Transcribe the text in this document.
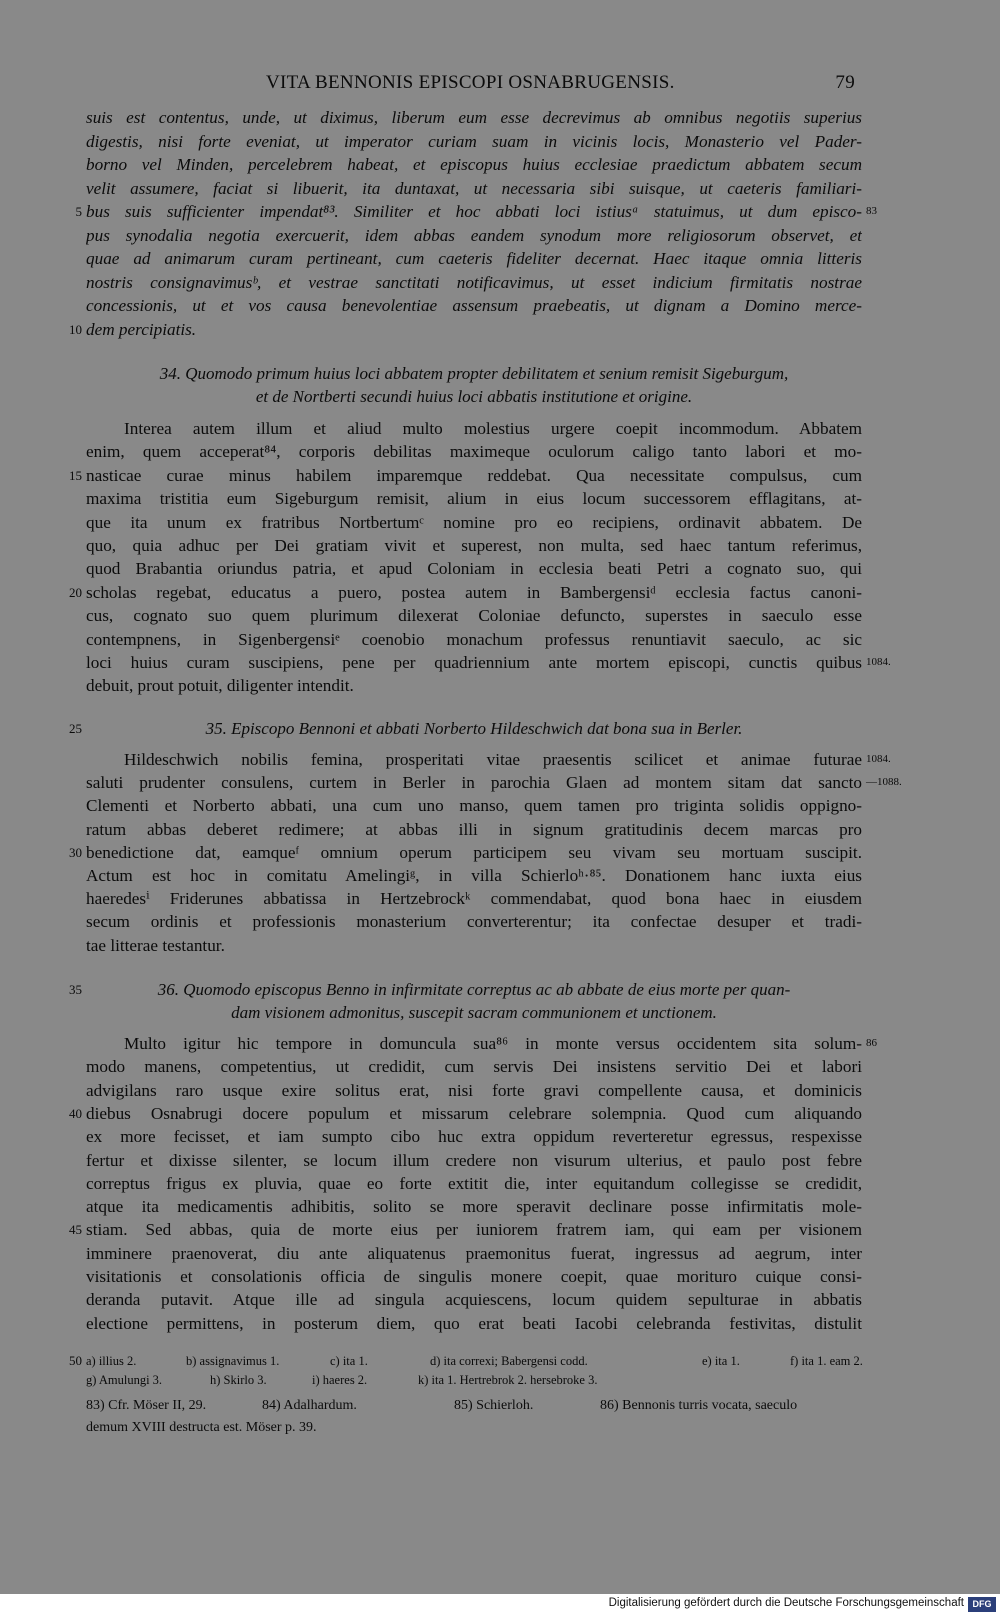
VITA BENNONIS EPISCOPI OSNABRUGENSIS.	79
suis est contentus, unde, ut diximus, liberum eum esse decrevimus ab omnibus negotiis superius
digestis, nisi forte eveniat, ut imperator curiam suam in vicinis locis, Monasterio vel Pader-
borno vel Minden, percelebrem habeat, et episcopus huius ecclesiae praedictum abbatem secum
velit assumere, faciat si libuerit, ita duntaxat, ut necessaria sibi suisque, ut caeteris familiari-
bus suis sufficienter impendat⁸³. Similiter et hoc abbati loci istiusᵃ statuimus, ut dum episco-
5	83
pus synodalia negotia exercuerit, idem abbas eandem synodum more religiosorum observet, et
quae ad animarum curam pertineant, cum caeteris fideliter decernat. Haec itaque omnia litteris
nostris consignavimusᵇ, et vestrae sanctitati notificavimus, ut esset indicium firmitatis nostrae
concessionis, ut et vos causa benevolentiae assensum praebeatis, ut dignam a Domino merce-
dem percipiatis.
10
34. Quomodo primum huius loci abbatem propter debilitatem et senium remisit Sigeburgum,
et de Nortberti secundi huius loci abbatis institutione et origine.
Interea autem illum et aliud multo molestius urgere coepit incommodum. Abbatem
enim, quem acceperat⁸⁴, corporis debilitas maximeque oculorum caligo tanto labori et mo-
nasticae curae minus habilem imparemque reddebat. Qua necessitate compulsus, cum
15
maxima tristitia eum Sigeburgum remisit, alium in eius locum successorem efflagitans, at-
que ita unum ex fratribus Nortbertumᶜ nomine pro eo recipiens, ordinavit abbatem. De
quo, quia adhuc per Dei gratiam vivit et superest, non multa, sed haec tantum referimus,
quod Brabantia oriundus patria, et apud Coloniam in ecclesia beati Petri a cognato suo, qui
scholas regebat, educatus a puero, postea autem in Bambergensiᵈ ecclesia factus canoni-
20
cus, cognato suo quem plurimum dilexerat Coloniae defuncto, superstes in saeculo esse
contempnens, in Sigenbergensiᵉ coenobio monachum professus renuntiavit saeculo, ac sic
loci huius curam suscipiens, pene per quadriennium ante mortem episcopi, cunctis quibus 1084.
debuit, prout potuit, diligenter intendit.
25	35. Episcopo Bennoni et abbati Norberto Hildeschwich dat bona sua in Berler.
Hildeschwich nobilis femina, prosperitati vitae praesentis scilicet et animae futurae 1084.
saluti prudenter consulens, curtem in Berler in parochia Glaen ad montem sitam dat sancto —1088.
Clementi et Norberto abbati, una cum uno manso, quem tamen pro triginta solidis oppigno-
ratum abbas deberet redimere; at abbas illi in signum gratitudinis decem marcas pro
benedictione dat, eamqueᶠ omnium operum participem seu vivam seu mortuam suscipit.
30
Actum est hoc in comitatu Amelingiᵍ, in villa Schierloʰ·⁸⁵. Donationem hanc iuxta eius
haeredesⁱ Friderunes abbatissa in Hertzebrockᵏ commendabat, quod bona haec in eiusdem
secum ordinis et professionis monasterium converterentur; ita confectae desuper et tradi-
tae litterae testantur.
35	36. Quomodo episcopus Benno in infirmitate correptus ac ab abbate de eius morte per quan-
dam visionem admonitus, suscepit sacram communionem et unctionem.
Multo igitur hic tempore in domuncula sua⁸⁶ in monte versus occidentem sita solum- 86
modo manens, competentius, ut credidit, cum servis Dei insistens servitio Dei et labori
advigilans raro usque exire solitus erat, nisi forte gravi compellente causa, et dominicis
diebus Osnabrugi docere populum et missarum celebrare solempnia. Quod cum aliquando
40
ex more fecisset, et iam sumpto cibo huc extra oppidum reverteretur egressus, respexisse
fertur et dixisse silenter, se locum illum credere non visurum ulterius, et paulo post febre
correptus frigus ex pluvia, quae eo forte extitit die, inter equitandum collegisse se credidit,
atque ita medicamentis adhibitis, solito se more speravit declinare posse infirmitatis mole-
stiam. Sed abbas, quia de morte eius per iuniorem fratrem iam, qui eam per visionem
45
imminere praenoverat, diu ante aliquatenus praemonitus fuerat, ingressus ad aegrum, inter
visitationis et consolationis officia de singulis monere coepit, quae morituro cuique consi-
deranda putavit. Atque ille ad singula acquiescens, locum quidem sepulturae in abbatis
electione permittens, in posterum diem, quo erat beati Iacobi celebranda festivitas, distulit
50 a) illius 2.	b) assignavimus 1.	c) ita 1.	d) ita correxi; Babergensi codd.	e) ita 1.	f) ita 1. eam 2.
g) Amulungi 3.	h) Skirlo 3.	i) haeres 2.	k) ita 1. Hertrebrok 2. hersebroke 3.
83) Cfr. Möser II, 29.	84) Adalhardum.	85) Schierloh.	86) Bennonis turris vocata, saeculo
demum XVIII destructa est. Möser p. 39.
Digitalisierung gefördert durch die Deutsche Forschungsgemeinschaft DFG
